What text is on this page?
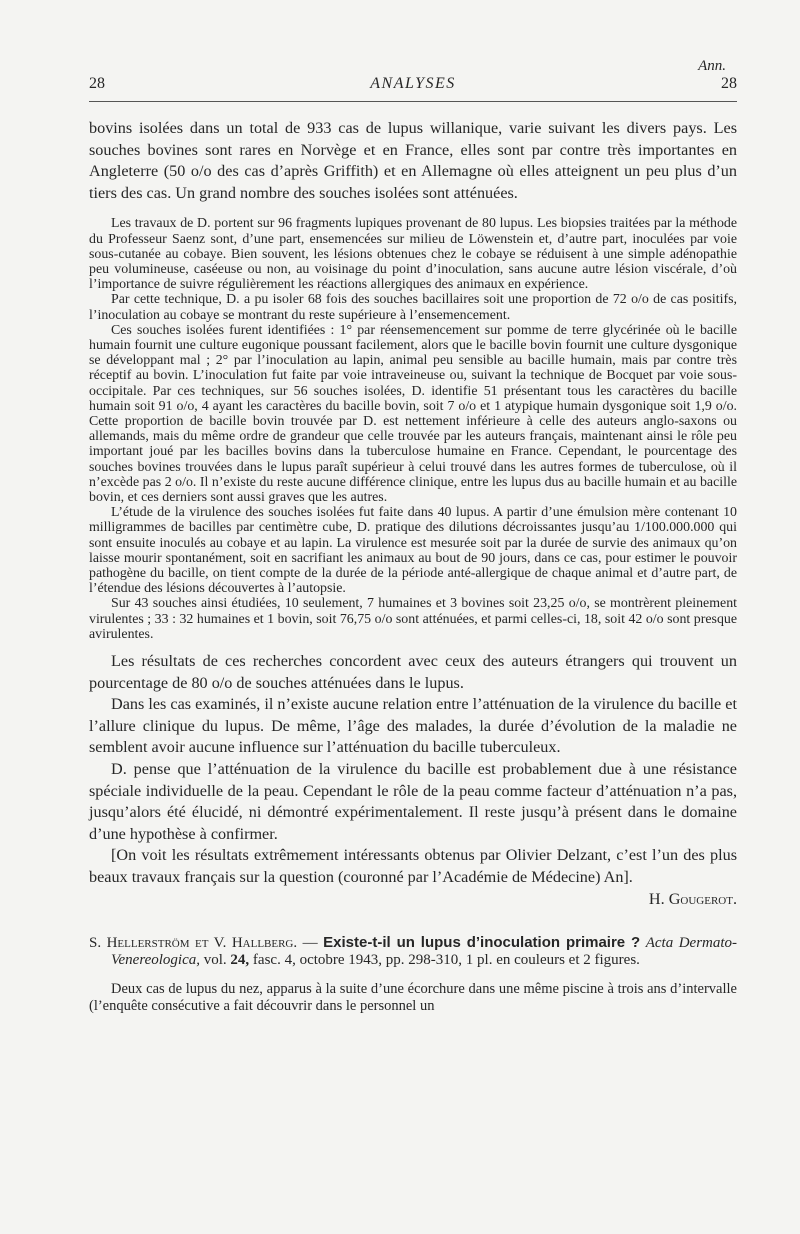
Ann.
28	ANALYSES	28

bovins isolées dans un total de 933 cas de lupus willanique, varie suivant les divers pays. Les souches bovines sont rares en Norvège et en France, elles sont par contre très importantes en Angleterre (50 o/o des cas d’après Griffith) et en Allemagne où elles atteignent un peu plus d’un tiers des cas. Un grand nombre des souches isolées sont atténuées.

Les travaux de D. portent sur 96 fragments lupiques provenant de 80 lupus. Les biopsies traitées par la méthode du Professeur Saenz sont, d’une part, ensemencées sur milieu de Löwenstein et, d’autre part, inoculées par voie sous-cutanée au cobaye. Bien souvent, les lésions obtenues chez le cobaye se réduisent à une simple adénopathie peu volumineuse, caséeuse ou non, au voisinage du point d’inoculation, sans aucune autre lésion viscérale, d’où l’importance de suivre régulièrement les réactions allergiques des animaux en expérience.

Par cette technique, D. a pu isoler 68 fois des souches bacillaires soit une proportion de 72 o/o de cas positifs, l’inoculation au cobaye se montrant du reste supérieure à l’ensemencement.

Ces souches isolées furent identifiées : 1° par réensemencement sur pomme de terre glycérinée où le bacille humain fournit une culture eugonique poussant facilement, alors que le bacille bovin fournit une culture dysgonique se développant mal ; 2° par l’inoculation au lapin, animal peu sensible au bacille humain, mais par contre très réceptif au bovin. L’inoculation fut faite par voie intraveineuse ou, suivant la technique de Bocquet par voie sous-occipitale. Par ces techniques, sur 56 souches isolées, D. identifie 51 présentant tous les caractères du bacille humain soit 91 o/o, 4 ayant les caractères du bacille bovin, soit 7 o/o et 1 atypique humain dysgonique soit 1,9 o/o. Cette proportion de bacille bovin trouvée par D. est nettement inférieure à celle des auteurs anglo-saxons ou allemands, mais du même ordre de grandeur que celle trouvée par les auteurs français, maintenant ainsi le rôle peu important joué par les bacilles bovins dans la tuberculose humaine en France. Cependant, le pourcentage des souches bovines trouvées dans le lupus paraît supérieur à celui trouvé dans les autres formes de tuberculose, où il n’excède pas 2 o/o. Il n’existe du reste aucune différence clinique, entre les lupus dus au bacille humain et au bacille bovin, et ces derniers sont aussi graves que les autres.

L’étude de la virulence des souches isolées fut faite dans 40 lupus. A partir d’une émulsion mère contenant 10 milligrammes de bacilles par centimètre cube, D. pratique des dilutions décroissantes jusqu’au 1/100.000.000 qui sont ensuite inoculés au cobaye et au lapin. La virulence est mesurée soit par la durée de survie des animaux qu’on laisse mourir spontanément, soit en sacrifiant les animaux au bout de 90 jours, dans ce cas, pour estimer le pouvoir pathogène du bacille, on tient compte de la durée de la période anté-allergique de chaque animal et d’autre part, de l’étendue des lésions découvertes à l’autopsie.

Sur 43 souches ainsi étudiées, 10 seulement, 7 humaines et 3 bovines soit 23,25 o/o, se montrèrent pleinement virulentes ; 33 : 32 humaines et 1 bovin, soit 76,75 o/o sont atténuées, et parmi celles-ci, 18, soit 42 o/o sont presque avirulentes.

Les résultats de ces recherches concordent avec ceux des auteurs étrangers qui trouvent un pourcentage de 80 o/o de souches atténuées dans le lupus.

Dans les cas examinés, il n’existe aucune relation entre l’atténuation de la virulence du bacille et l’allure clinique du lupus. De même, l’âge des malades, la durée d’évolution de la maladie ne semblent avoir aucune influence sur l’atténuation du bacille tuberculeux.

D. pense que l’atténuation de la virulence du bacille est probablement due à une résistance spéciale individuelle de la peau. Cependant le rôle de la peau comme facteur d’atténuation n’a pas, jusqu’alors été élucidé, ni démontré expérimentalement. Il reste jusqu’à présent dans le domaine d’une hypothèse à confirmer.

[On voit les résultats extrêmement intéressants obtenus par Olivier Delzant, c’est l’un des plus beaux travaux français sur la question (couronné par l’Académie de Médecine) An].

H. Gougerot.

S. Hellerström et V. Hallberg. — Existe-t-il un lupus d’inoculation primaire ? Acta Dermato-Venereologica, vol. 24, fasc. 4, octobre 1943, pp. 298-310, 1 pl. en couleurs et 2 figures.

Deux cas de lupus du nez, apparus à la suite d’une écorchure dans une même piscine à trois ans d’intervalle (l’enquête consécutive a fait découvrir dans le personnel un
